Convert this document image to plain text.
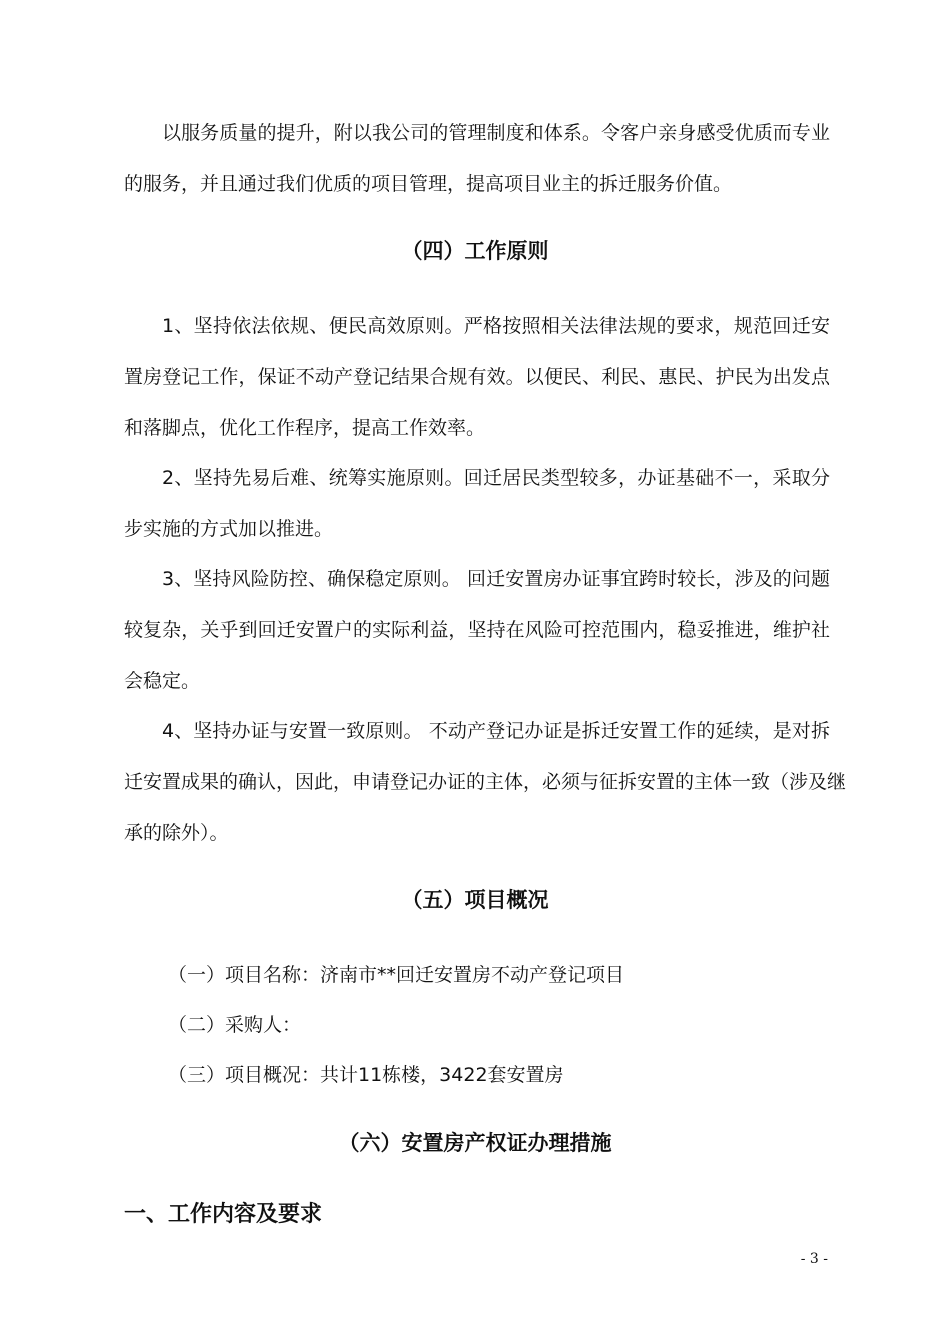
以服务质量的提升，附以我公司的管理制度和体系。令客户亲身感受优质而专业
的服务，并且通过我们优质的项目管理，提高项目业主的拆迁服务价值。
（四）工作原则
1、坚持依法依规、便民高效原则。严格按照相关法律法规的要求，规范回迁安
置房登记工作，保证不动产登记结果合规有效。以便民、利民、惠民、护民为出发点
和落脚点，优化工作程序，提高工作效率。
2、坚持先易后难、统筹实施原则。回迁居民类型较多，办证基础不一，采取分
步实施的方式加以推进。
3、坚持风险防控、确保稳定原则。 回迁安置房办证事宜跨时较长，涉及的问题
较复杂，关乎到回迁安置户的实际利益，坚持在风险可控范围内，稳妥推进，维护社
会稳定。
4、坚持办证与安置一致原则。 不动产登记办证是拆迁安置工作的延续，是对拆
迁安置成果的确认，因此，申请登记办证的主体，必须与征拆安置的主体一致（涉及继
承的除外）。
（五）项目概况
（一）项目名称：济南市**回迁安置房不动产登记项目
（二）采购人：
（三）项目概况：共计11栋楼，3422套安置房
（六）安置房产权证办理措施
一、工作内容及要求
- 3 -
